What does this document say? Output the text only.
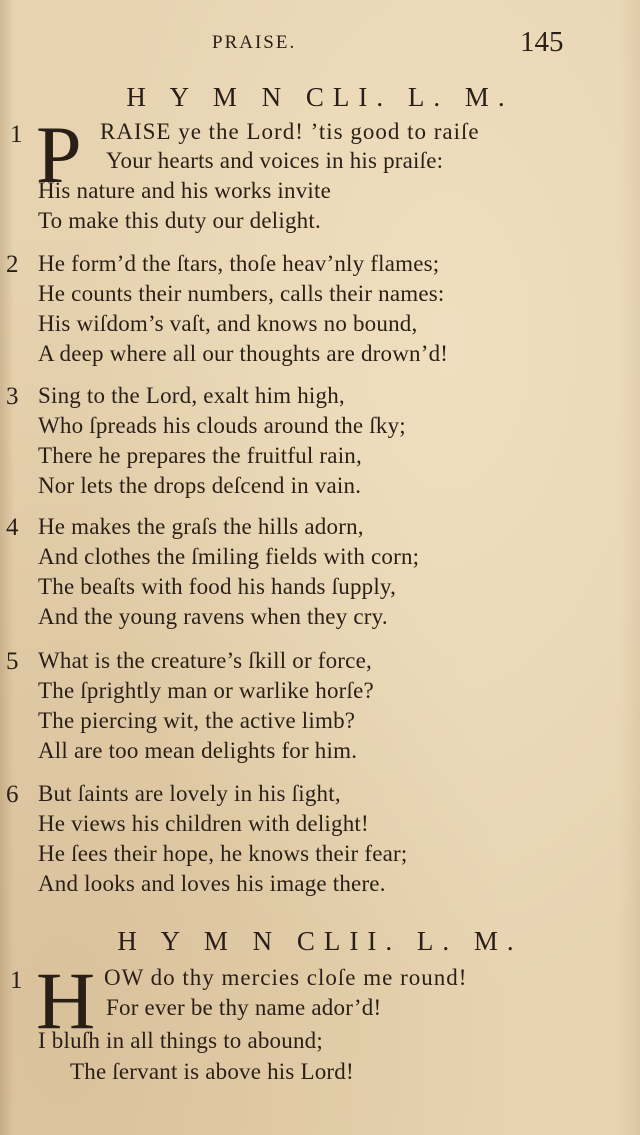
PRAISE.	145
H Y M N CLI. L. M.
1 P RAISE ye the Lord! ’tis good to raiſe
Your hearts and voices in his praiſe:
His nature and his works invite
To make this duty our delight.
2 He form’d the ſtars, thoſe heav’nly flames;
He counts their numbers, calls their names:
His wiſdom’s vaſt, and knows no bound,
A deep where all our thoughts are drown’d!
3 Sing to the Lord, exalt him high,
Who ſpreads his clouds around the ſky;
There he prepares the fruitful rain,
Nor lets the drops deſcend in vain.
4 He makes the graſs the hills adorn,
And clothes the ſmiling fields with corn;
The beaſts with food his hands ſupply,
And the young ravens when they cry.
5 What is the creature’s ſkill or force,
The ſprightly man or warlike horſe?
The piercing wit, the active limb?
All are too mean delights for him.
6 But ſaints are lovely in his ſight,
He views his children with delight!
He ſees their hope, he knows their fear;
And looks and loves his image there.
H Y M N CLII. L. M.
1 H OW do thy mercies cloſe me round!
For ever be thy name ador’d!
I bluſh in all things to abound;
The ſervant is above his Lord!
